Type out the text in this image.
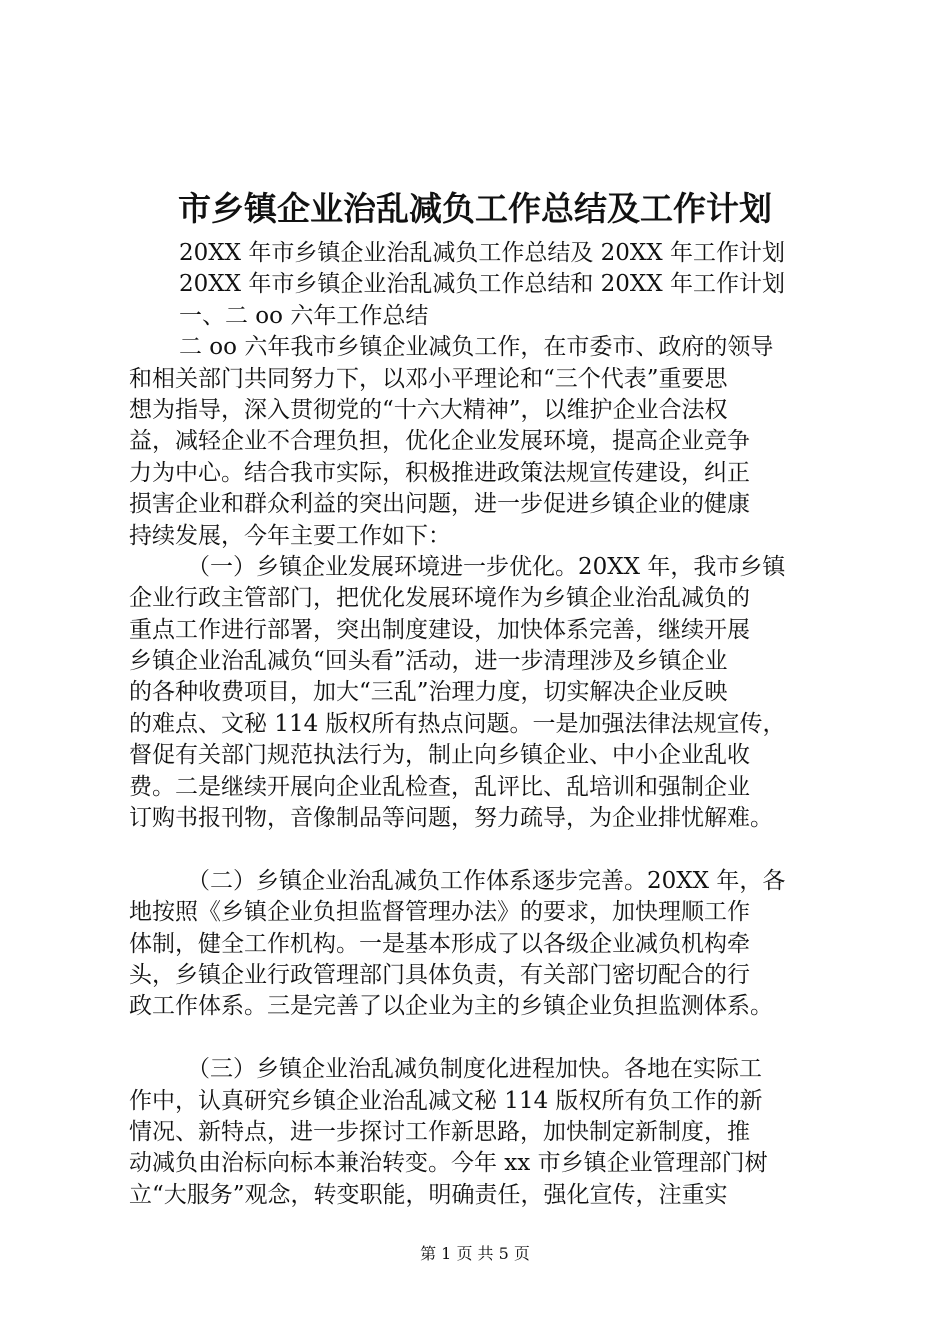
市乡镇企业治乱减负工作总结及工作计划
20XX 年市乡镇企业治乱减负工作总结及 20XX 年工作计划
20XX 年市乡镇企业治乱减负工作总结和 20XX 年工作计划
一、二 oo 六年工作总结
二 oo 六年我市乡镇企业减负工作，在市委市、政府的领导
和相关部门共同努力下，以邓小平理论和“三个代表”重要思
想为指导，深入贯彻党的“十六大精神”，以维护企业合法权
益，减轻企业不合理负担，优化企业发展环境，提高企业竞争
力为中心。结合我市实际，积极推进政策法规宣传建设，纠正
损害企业和群众利益的突出问题，进一步促进乡镇企业的健康
持续发展，今年主要工作如下：
（一）乡镇企业发展环境进一步优化。20XX 年，我市乡镇
企业行政主管部门，把优化发展环境作为乡镇企业治乱减负的
重点工作进行部署，突出制度建设，加快体系完善，继续开展
乡镇企业治乱减负“回头看”活动，进一步清理涉及乡镇企业
的各种收费项目，加大“三乱”治理力度，切实解决企业反映
的难点、文秘 114 版权所有热点问题。一是加强法律法规宣传，
督促有关部门规范执法行为，制止向乡镇企业、中小企业乱收
费。二是继续开展向企业乱检查，乱评比、乱培训和强制企业
订购书报刊物，音像制品等问题，努力疏导，为企业排忧解难。
（二）乡镇企业治乱减负工作体系逐步完善。20XX 年，各
地按照《乡镇企业负担监督管理办法》的要求，加快理顺工作
体制，健全工作机构。一是基本形成了以各级企业减负机构牵
头，乡镇企业行政管理部门具体负责，有关部门密切配合的行
政工作体系。三是完善了以企业为主的乡镇企业负担监测体系。
（三）乡镇企业治乱减负制度化进程加快。各地在实际工
作中，认真研究乡镇企业治乱减文秘 114 版权所有负工作的新
情况、新特点，进一步探讨工作新思路，加快制定新制度，推
动减负由治标向标本兼治转变。今年 xx 市乡镇企业管理部门树
立“大服务”观念，转变职能，明确责任，强化宣传，注重实
第 1 页 共 5 页
